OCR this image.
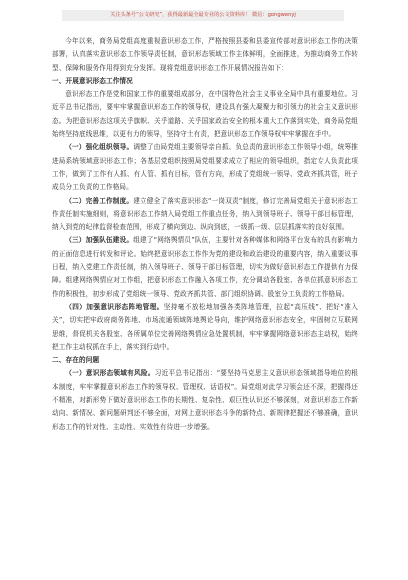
关注头条号“公文研究”，获得最新最全最专业的公文资料库！ 微信：gongwenyj

今年以来，商务局党组高度重视意识形态工作，严格按照县委和县委宣传部对意识形态工作的决策部署，认真落实意识形态工作领导责任制，意识形态领域工作主体鲜明，全面推进，为推动商务工作转型、保障和服务作用得到充分发挥。现将党组意识形态工作开展情况报告如下：

一、开展意识形态工作情况

意识形态工作是党和国家工作的重要组成部分，在中国特色社会主义事业全局中具有重要地位。习近平总书记指出，要牢牢掌握意识形态工作的领导权，建设具有强大凝聚力和引领力的社会主义意识形态。为把意识形态这项关乎旗帜、关乎道路、关乎国家政治安全的根本重大工作落到实处，商务局党组始终坚持底线思维，以更有力的领导，坚持守土有责，把意识形态工作领导权牢牢掌握在手中。

（一）强化组织领导。调整了由局党组主要领导亲自抓、负总责的意识形态工作领导小组，统筹推进局系统领域意识形态工作；各基层党组织按照局党组要求成立了相应的领导组织，指定专人负责此项工作，做到了工作有人抓、有人管、抓有目标，管有方向，形成了党组统一领导、党政齐抓共管，班子成员分工负责的工作格局。

（二）完善工作制度。建立健全了落实意识形态“一岗双责”制度，修订完善局党组关于意识形态工作责任制实施细则，将意识形态工作纳入局党组工作重点任务，纳入到领导班子、领导干部目标管理，纳入到党的纪律监督检查范围，形成了横向到边、纵向到底，一级抓一级、层层抓落实的良好氛围。

（三）加强队伍建设。组建了“网络舆情员”队伍，主要针对各种媒体和网络平台发布的具有影响力的正面信息进行转发和评论。始终把意识形态工作作为党的建设和政治建设的重要内容，纳入重要议事日程，纳入党建工作责任制，纳入领导班子、领导干部目标管理，切实为做好意识形态工作提供有力保障。组建网络舆情应对工作组，把意识形态工作融入各项工作，充分调动各股室、各单位抓意识形态工作的积极性，初步形成了党组统一领导、党政齐抓共管、部门组织协调、股室分工负责的工作格局。

（四）加强意识形态阵地管理。坚持毫不放松地加强各类阵地管理，拉起“高压线”、把好“准入关”，切实把牢政府商务阵地、市场流通领域阵地舆论导向，维护网络意识形态安全，牢固树立互联网思维，督促机关各股室、各所属单位完善网络舆情应急处置机制，牢牢掌握网络意识形态主动权，始终把工作主动权抓在手上，落实到行动中。

二、存在的问题

（一）意识形态领域有风险。习近平总书记指出：“要坚持马克思主义意识形态领域指导地位的根本制度，牢牢掌握意识形态工作的领导权、管理权、话语权”。局党组对此学习领会还不深，把握得还不精准，对新形势下做好意识形态工作的长期性、复杂性、艰巨性认识还不够深刻，对意识形态工作新动向、新情况、新问题研判还不够全面，对网上意识形态斗争的新特点、新规律把握还不够准确，意识形态工作的针对性、主动性、实效性有待进一步增强。
